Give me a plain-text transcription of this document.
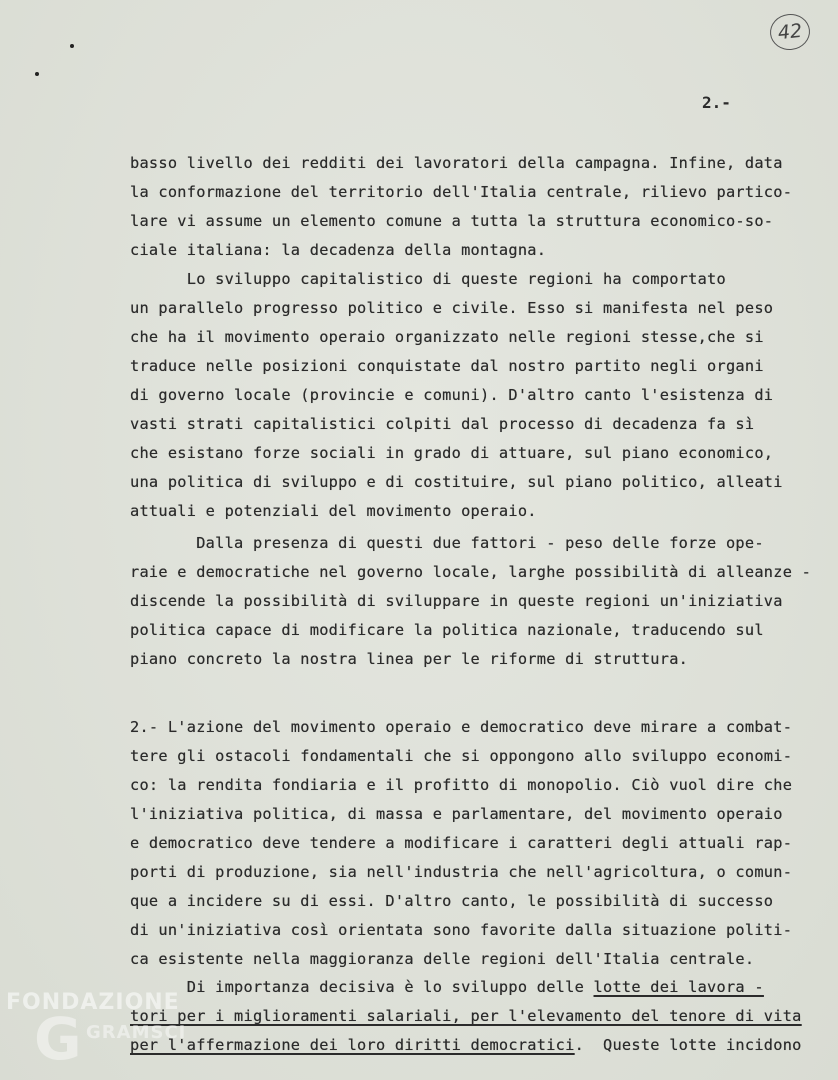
42
2.-
basso livello dei redditi dei lavoratori della campagna. Infine, data
la conformazione del territorio dell'Italia centrale, rilievo partico-
lare vi assume un elemento comune a tutta la struttura economico-so-
ciale italiana: la decadenza della montagna.
Lo sviluppo capitalistico di queste regioni ha comportato
un parallelo progresso politico e civile. Esso si manifesta nel peso
che ha il movimento operaio organizzato nelle regioni stesse,che si
traduce nelle posizioni conquistate dal nostro partito negli organi
di governo locale (provincie e comuni). D'altro canto l'esistenza di
vasti strati capitalistici colpiti dal processo di decadenza fa sì
che esistano forze sociali in grado di attuare, sul piano economico,
una politica di sviluppo e di costituire, sul piano politico, alleati
attuali e potenziali del movimento operaio.
Dalla presenza di questi due fattori - peso delle forze ope-
raie e democratiche nel governo locale, larghe possibilità di alleanze -
discende la possibilità di sviluppare in queste regioni un'iniziativa
politica capace di modificare la politica nazionale, traducendo sul
piano concreto la nostra linea per le riforme di struttura.
2.- L'azione del movimento operaio e democratico deve mirare a combat-
tere gli ostacoli fondamentali che si oppongono allo sviluppo economi-
co: la rendita fondiaria e il profitto di monopolio. Ciò vuol dire che
l'iniziativa politica, di massa e parlamentare, del movimento operaio
e democratico deve tendere a modificare i caratteri degli attuali rap-
porti di produzione, sia nell'industria che nell'agricoltura, o comun-
que a incidere su di essi. D'altro canto, le possibilità di successo
di un'iniziativa così orientata sono favorite dalla situazione politi-
ca esistente nella maggioranza delle regioni dell'Italia centrale.
Di importanza decisiva è lo sviluppo delle lotte dei lavora -
tori per i miglioramenti salariali, per l'elevamento del tenore di vita
per l'affermazione dei loro diritti democratici.  Queste lotte incidono
FONDAZIONE
G GRAMSCI
